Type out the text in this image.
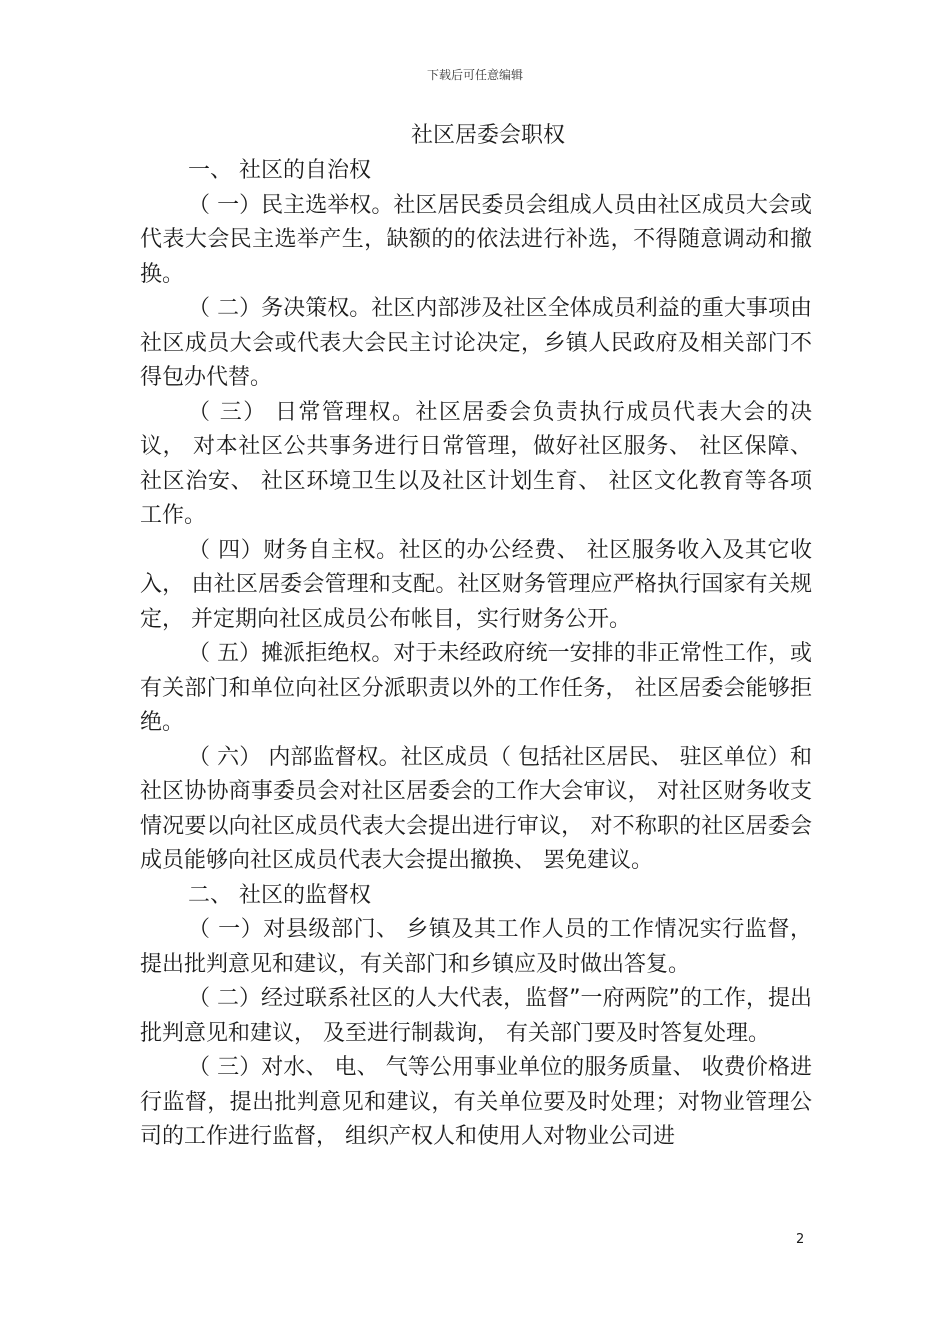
下载后可任意编辑
社区居委会职权

一、 社区的自治权

（ 一）民主选举权。社区居民委员会组成人员由社区成员大会或代表大会民主选举产生，缺额的的依法进行补选，不得随意调动和撤换。

（ 二）务决策权。社区内部涉及社区全体成员利益的重大事项由社区成员大会或代表大会民主讨论决定，乡镇人民政府及相关部门不得包办代替。

（ 三） 日常管理权。社区居委会负责执行成员代表大会的决议， 对本社区公共事务进行日常管理，做好社区服务、 社区保障、 社区治安、 社区环境卫生以及社区计划生育、 社区文化教育等各项工作。

（ 四）财务自主权。社区的办公经费、 社区服务收入及其它收入， 由社区居委会管理和支配。社区财务管理应严格执行国家有关规定， 并定期向社区成员公布帐目，实行财务公开。

（ 五）摊派拒绝权。对于未经政府统一安排的非正常性工作，或有关部门和单位向社区分派职责以外的工作任务， 社区居委会能够拒绝。

（ 六） 内部监督权。社区成员（ 包括社区居民、 驻区单位）和社区协协商事委员会对社区居委会的工作大会审议， 对社区财务收支情况要以向社区成员代表大会提出进行审议， 对不称职的社区居委会成员能够向社区成员代表大会提出撤换、 罢免建议。

二、 社区的监督权

（ 一）对县级部门、 乡镇及其工作人员的工作情况实行监督， 提出批判意见和建议，有关部门和乡镇应及时做出答复。

（ 二）经过联系社区的人大代表，监督”一府两院”的工作，提出批判意见和建议， 及至进行制裁询， 有关部门要及时答复处理。

（ 三）对水、 电、 气等公用事业单位的服务质量、 收费价格进行监督，提出批判意见和建议，有关单位要及时处理；对物业管理公司的工作进行监督， 组织产权人和使用人对物业公司进

2
